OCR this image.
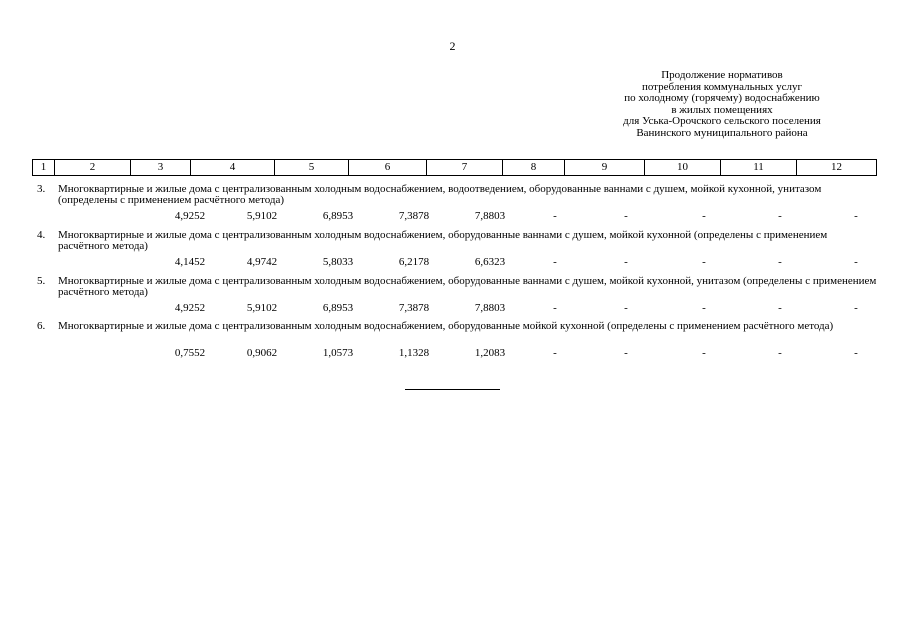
2
Продолжение нормативов
потребления коммунальных услуг
по холодному (горячему) водоснабжению
в жилых помещениях
для Уська-Орочского сельского поселения
Ванинского муниципального района
1	2	3	4	5	6	7	8	9	10	11	12
3. Многоквартирные и жилые дома с централизованным холодным водоснабжением, водоотведением, оборудованные ваннами с душем, мойкой кухонной, унитазом (определены с применением расчётного метода)
4,9252	5,9102	6,8953	7,3878	7,8803	-	-	-	-	-
4. Многоквартирные и жилые дома с централизованным холодным водоснабжением, оборудованные ваннами с душем, мойкой кухонной (определены с применением расчётного метода)
4,1452	4,9742	5,8033	6,2178	6,6323	-	-	-	-	-
5. Многоквартирные и жилые дома с централизованным холодным водоснабжением, оборудованные ваннами с душем, мойкой кухонной, унитазом (определены с применением расчётного метода)
4,9252	5,9102	6,8953	7,3878	7,8803	-	-	-	-	-
6. Многоквартирные и жилые дома с централизованным холодным водоснабжением, оборудованные мойкой кухонной (определены с применением расчётного метода)
0,7552	0,9062	1,0573	1,1328	1,2083	-	-	-	-	-
